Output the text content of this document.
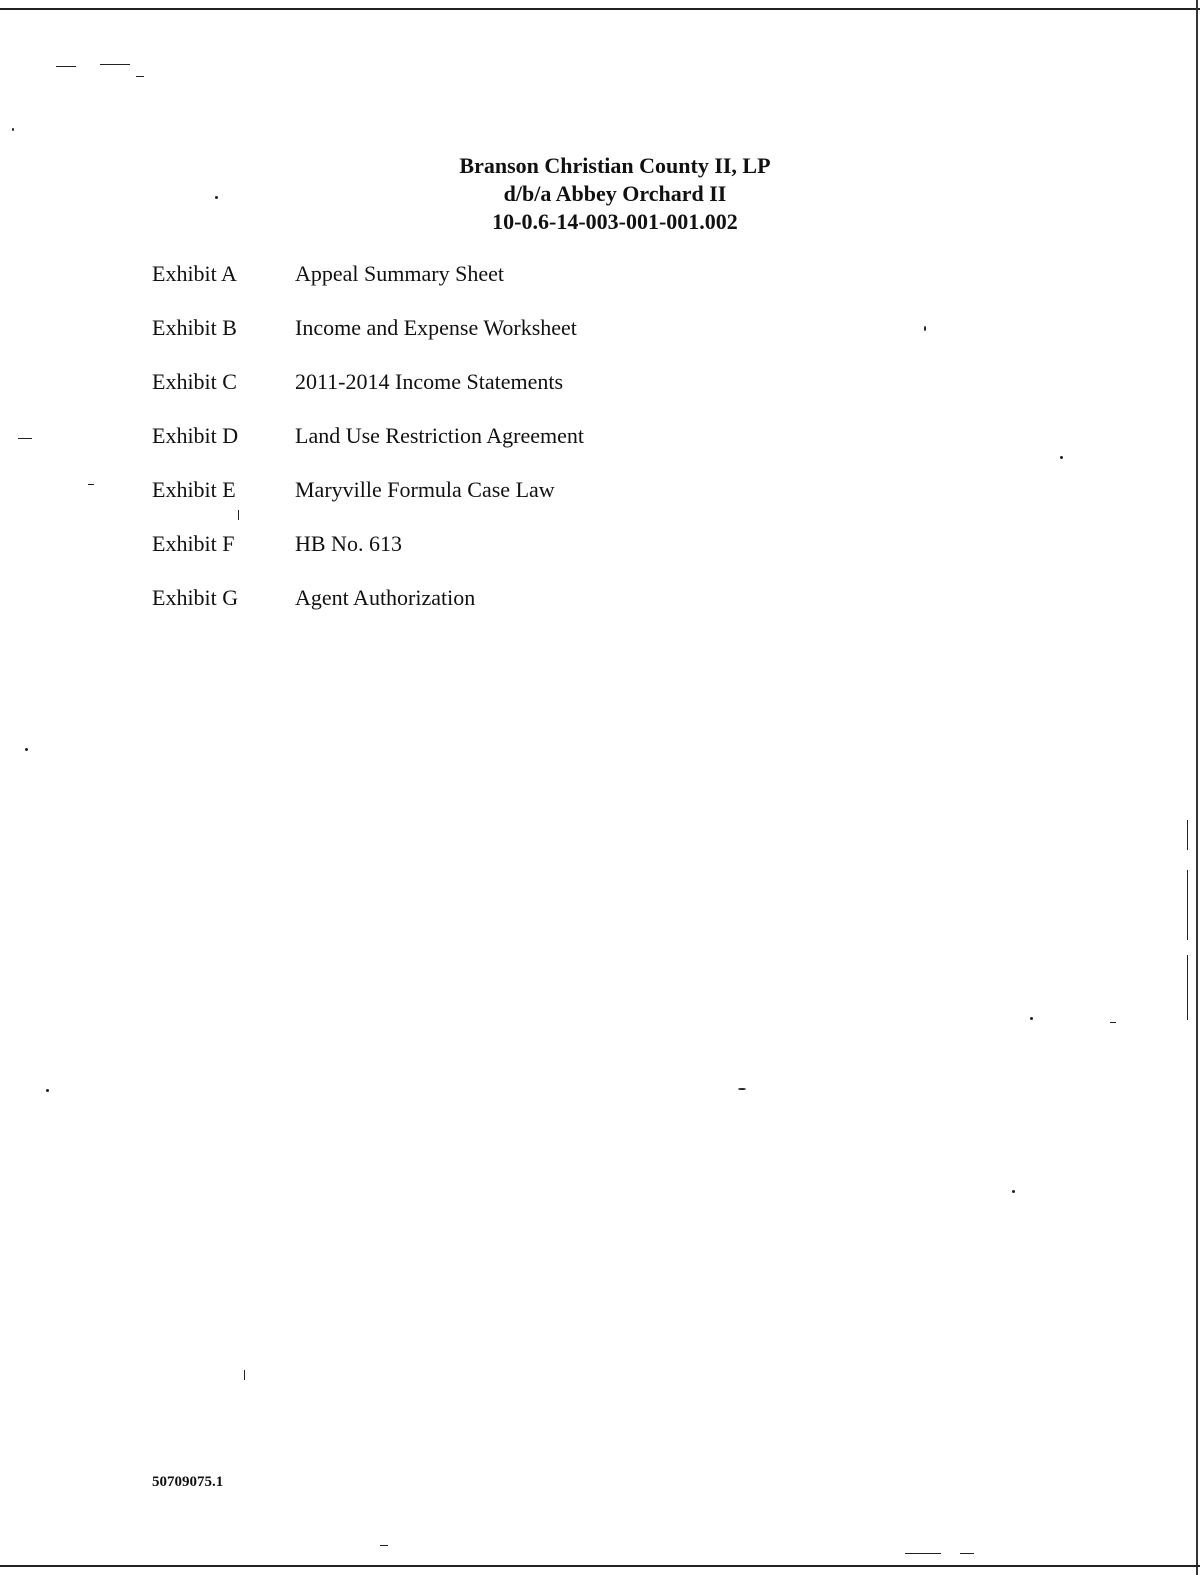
Branson Christian County II, LP
d/b/a Abbey Orchard II
10-0.6-14-003-001-001.002
Exhibit A	Appeal Summary Sheet
Exhibit B	Income and Expense Worksheet
Exhibit C	2011-2014 Income Statements
Exhibit D	Land Use Restriction Agreement
Exhibit E	Maryville Formula Case Law
Exhibit F	HB No. 613
Exhibit G	Agent Authorization
50709075.1
